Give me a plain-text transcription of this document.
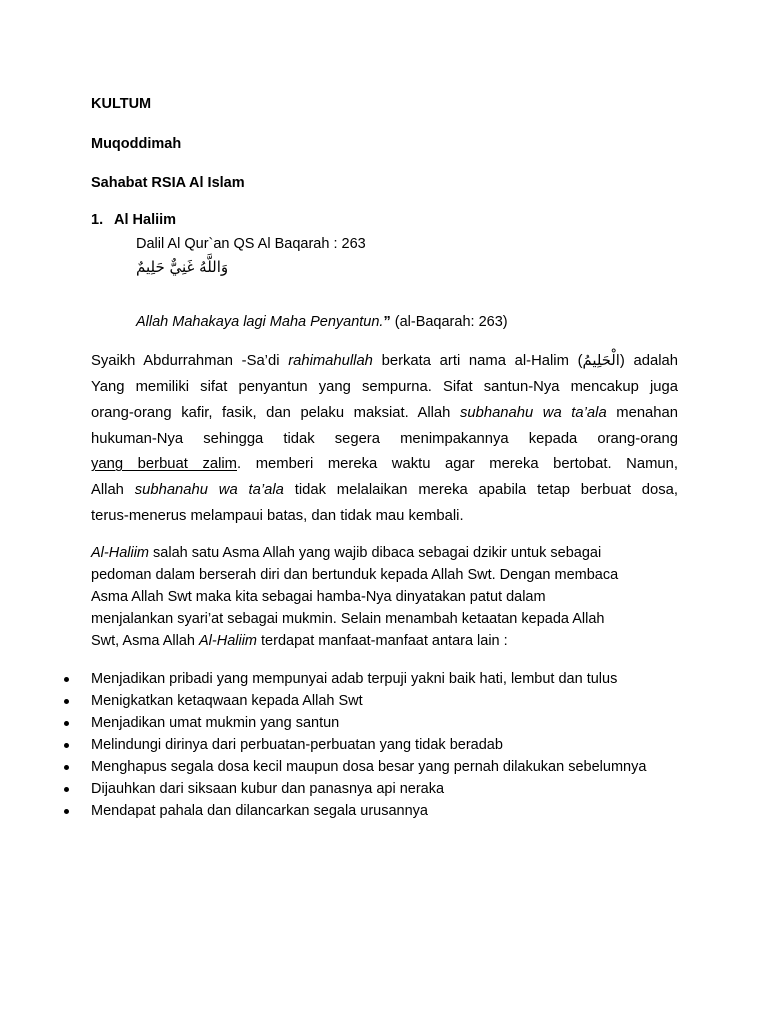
KULTUM
Muqoddimah
Sahabat RSIA Al Islam
1. Al Haliim
Dalil Al Qur`an QS Al Baqarah : 263
وَاللَّهُ غَنِيٌّ حَلِيمٌ
Allah Mahakaya lagi Maha Penyantun.” (al-Baqarah: 263)
Syaikh Abdurrahman -Sa’di rahimahullah berkata arti nama al-Halim (الْحَلِيمُ) adalah
Yang memiliki sifat penyantun yang sempurna. Sifat santun-Nya mencakup juga
orang-orang kafir, fasik, dan pelaku maksiat. Allah subhanahu wa ta’ala menahan
hukuman-Nya sehingga tidak segera menimpakannya kepada orang-orang
yang berbuat zalim. memberi mereka waktu agar mereka bertobat. Namun,
Allah subhanahu wa ta’ala tidak melalaikan mereka apabila tetap berbuat dosa,
terus-menerus melampaui batas, dan tidak mau kembali.
Al-Haliim salah satu Asma Allah yang wajib dibaca sebagai dzikir untuk sebagai
pedoman dalam berserah diri dan bertunduk kepada Allah Swt. Dengan membaca
Asma Allah Swt maka kita sebagai hamba-Nya dinyatakan patut dalam
menjalankan syari’at sebagai mukmin. Selain menambah ketaatan kepada Allah
Swt, Asma Allah Al-Haliim terdapat manfaat-manfaat antara lain :
Menjadikan pribadi yang mempunyai adab terpuji yakni baik hati, lembut dan tulus
Menigkatkan ketaqwaan kepada Allah Swt
Menjadikan umat mukmin yang santun
Melindungi dirinya dari perbuatan-perbuatan yang tidak beradab
Menghapus segala dosa kecil maupun dosa besar yang pernah dilakukan sebelumnya
Dijauhkan dari siksaan kubur dan panasnya api neraka
Mendapat pahala dan dilancarkan segala urusannya
